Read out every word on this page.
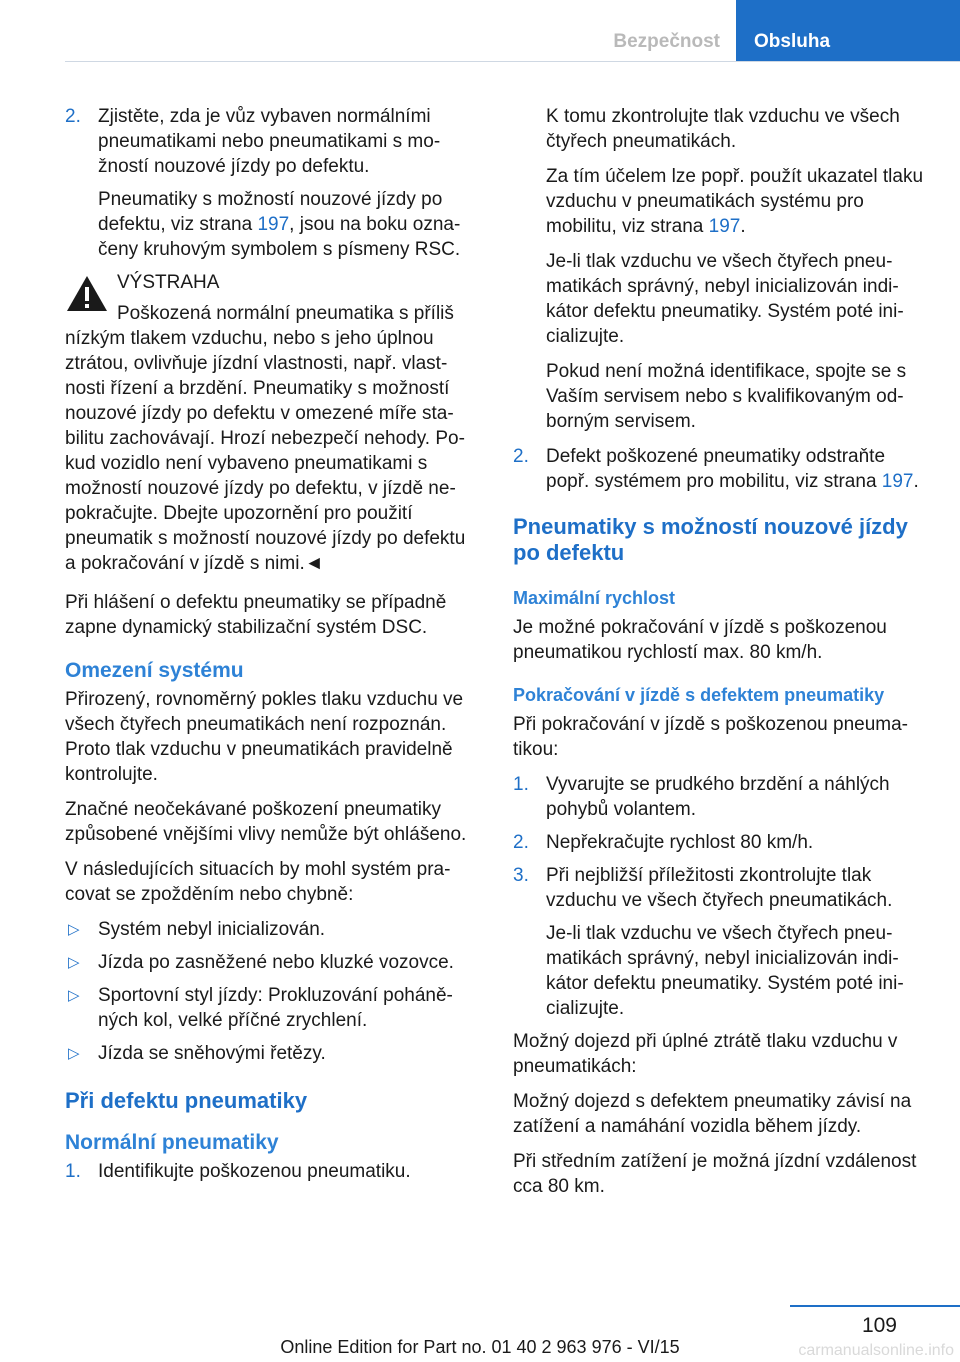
Bezpečnost	Obsluha
2. Zjistěte, zda je vůz vybaven normálními pneumatikami nebo pneumatikami s možností nouzové jízdy po defektu.

Pneumatiky s možností nouzové jízdy po defektu, viz strana 197, jsou na boku označeny kruhovým symbolem s písmeny RSC.

VÝSTRAHA

Poškozená normální pneumatika s příliš nízkým tlakem vzduchu, nebo s jeho úplnou ztrátou, ovlivňuje jízdní vlastnosti, např. vlastnosti řízení a brzdění. Pneumatiky s možností nouzové jízdy po defektu v omezené míře stabilitu zachovávají. Hrozí nebezpečí nehody. Pokud vozidlo není vybaveno pneumatikami s možností nouzové jízdy po defektu, v jízdě nepokračujte. Dbejte upozornění pro použití pneumatik s možností nouzové jízdy po defektu a pokračování v jízdě s nimi.◄

Při hlášení o defektu pneumatiky se případně zapne dynamický stabilizační systém DSC.

Omezení systému

Přirozený, rovnoměrný pokles tlaku vzduchu ve všech čtyřech pneumatikách není rozpoznán. Proto tlak vzduchu v pneumatikách pravidelně kontrolujte.

Značné neočekávané poškození pneumatiky způsobené vnějšími vlivy nemůže být ohlášeno.

V následujících situacích by mohl systém pracovat se zpožděním nebo chybně:

▷ Systém nebyl inicializován.
▷ Jízda po zasněžené nebo kluzké vozovce.
▷ Sportovní styl jízdy: Prokluzování poháněných kol, velké příčné zrychlení.
▷ Jízda se sněhovými řetězy.
Při defektu pneumatiky
Normální pneumatiky
1. Identifikujte poškozenou pneumatiku.

K tomu zkontrolujte tlak vzduchu ve všech čtyřech pneumatikách.

Za tím účelem lze popř. použít ukazatel tlaku vzduchu v pneumatikách systému pro mobilitu, viz strana 197.

Je-li tlak vzduchu ve všech čtyřech pneumatikách správný, nebyl inicializován indikátor defektu pneumatiky. Systém poté inicializujte.

Pokud není možná identifikace, spojte se s Vaším servisem nebo s kvalifikovaným odborným servisem.

2. Defekt poškozené pneumatiky odstraňte popř. systémem pro mobilitu, viz strana 197.

Pneumatiky s možností nouzové jízdy po defektu
Maximální rychlost

Je možné pokračování v jízdě s poškozenou pneumatikou rychlostí max. 80 km/h.

Pokračování v jízdě s defektem pneumatiky

Při pokračování v jízdě s poškozenou pneumatikou:

1. Vyvarujte se prudkého brzdění a náhlých pohybů volantem.

2. Nepřekračujte rychlost 80 km/h.

3. Při nejbližší příležitosti zkontrolujte tlak vzduchu ve všech čtyřech pneumatikách.

Je-li tlak vzduchu ve všech čtyřech pneumatikách správný, nebyl inicializován indikátor defektu pneumatiky. Systém poté inicializujte.

Možný dojezd při úplné ztrátě tlaku vzduchu v pneumatikách:

Možný dojezd s defektem pneumatiky závisí na zatížení a namáhání vozidla během jízdy.

Při středním zatížení je možná jízdní vzdálenost cca 80 km.

109
Online Edition for Part no. 01 40 2 963 976 - VI/15	carmanualsonline.info
